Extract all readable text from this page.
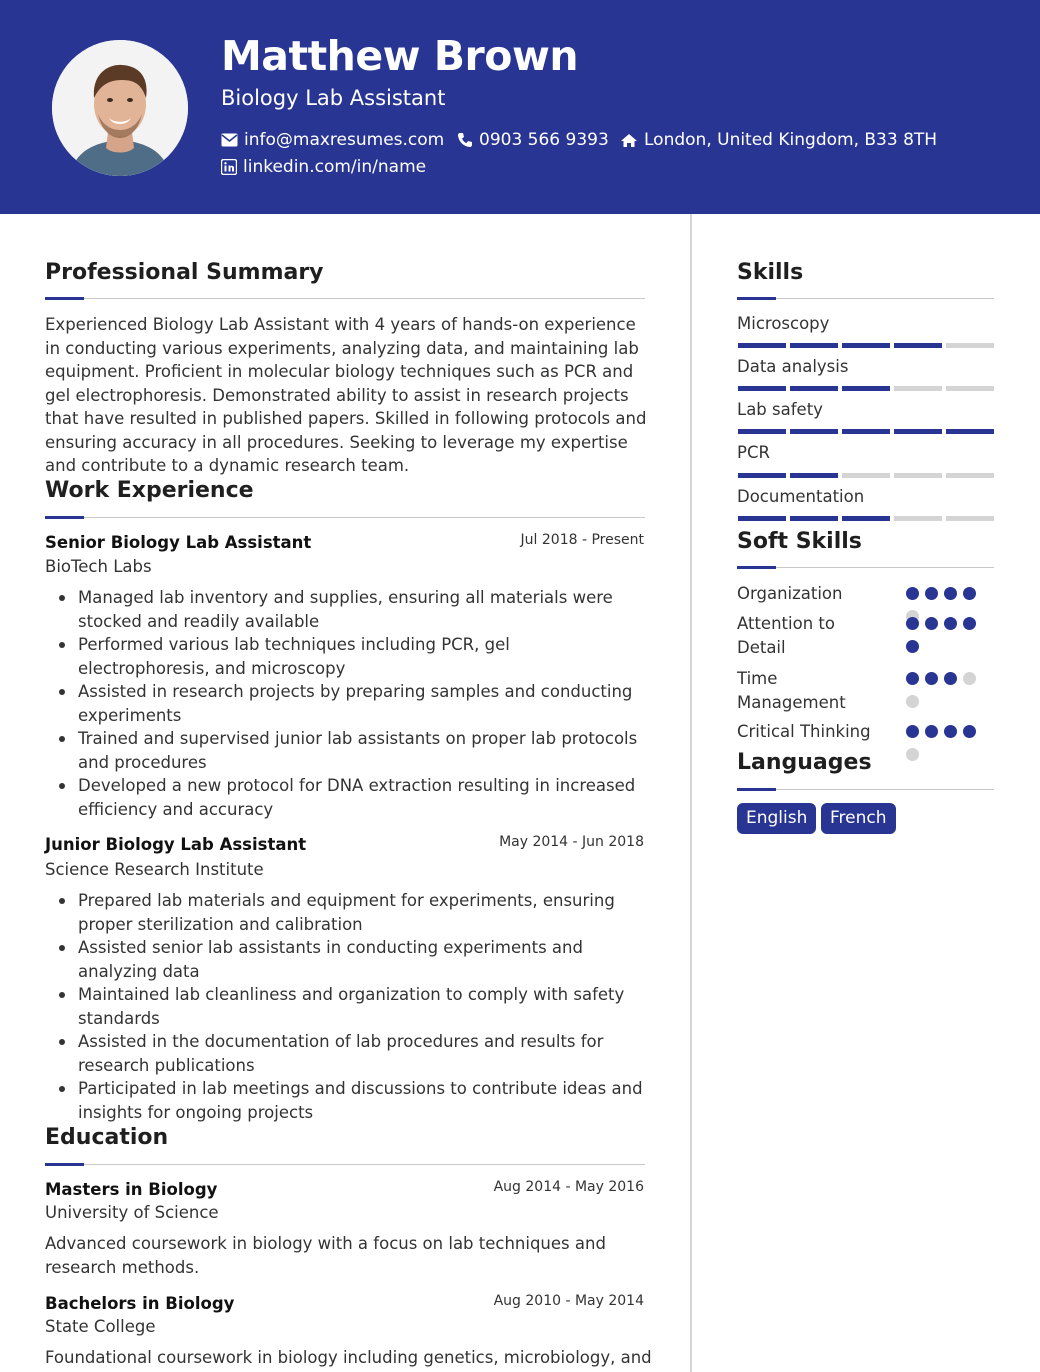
Matthew Brown
Biology Lab Assistant
info@maxresumes.com 0903 566 9393 London, United Kingdom, B33 8TH
linkedin.com/in/name
Professional Summary
Experienced Biology Lab Assistant with 4 years of hands-on experience in conducting various experiments, analyzing data, and maintaining lab equipment. Proficient in molecular biology techniques such as PCR and gel electrophoresis. Demonstrated ability to assist in research projects that have resulted in published papers. Skilled in following protocols and ensuring accuracy in all procedures. Seeking to leverage my expertise and contribute to a dynamic research team.
Work Experience
Senior Biology Lab Assistant	Jul 2018 - Present
BioTech Labs
Managed lab inventory and supplies, ensuring all materials were stocked and readily available
Performed various lab techniques including PCR, gel electrophoresis, and microscopy
Assisted in research projects by preparing samples and conducting experiments
Trained and supervised junior lab assistants on proper lab protocols and procedures
Developed a new protocol for DNA extraction resulting in increased efficiency and accuracy
Junior Biology Lab Assistant	May 2014 - Jun 2018
Science Research Institute
Prepared lab materials and equipment for experiments, ensuring proper sterilization and calibration
Assisted senior lab assistants in conducting experiments and analyzing data
Maintained lab cleanliness and organization to comply with safety standards
Assisted in the documentation of lab procedures and results for research publications
Participated in lab meetings and discussions to contribute ideas and insights for ongoing projects
Education
Masters in Biology	Aug 2014 - May 2016
University of Science
Advanced coursework in biology with a focus on lab techniques and research methods.
Bachelors in Biology	Aug 2010 - May 2014
State College
Foundational coursework in biology including genetics, microbiology, and
Skills
Microscopy
Data analysis
Lab safety
PCR
Documentation
Soft Skills
Organization
Attention to Detail
Time Management
Critical Thinking
Languages
English	French
